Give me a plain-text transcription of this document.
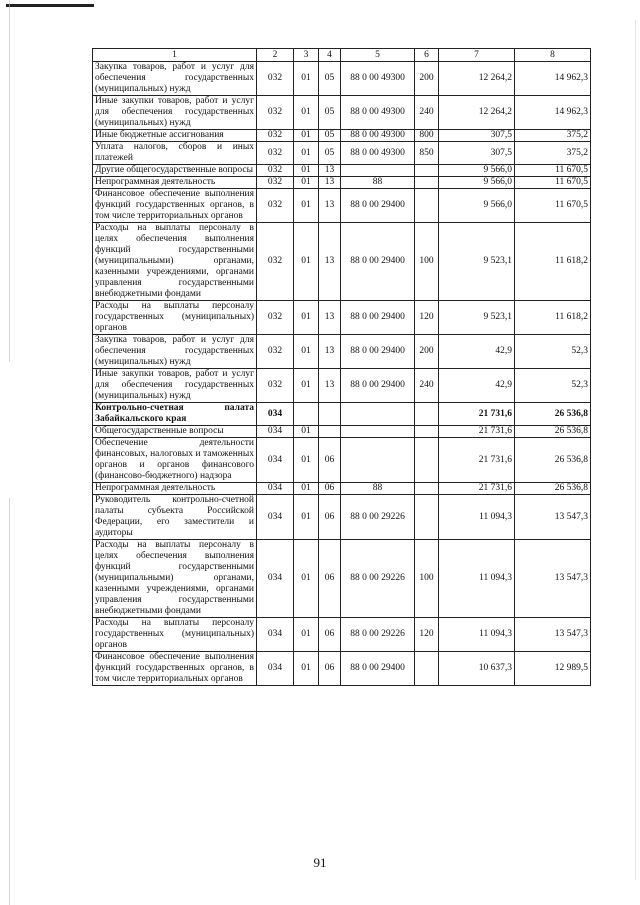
1	2	3	4	5	6	7	8
Закупка товаров, работ и услуг для обеспечения государственных (муниципальных) нужд	032	01	05	88 0 00 49300	200	12 264,2	14 962,3
Иные закупки товаров, работ и услуг для обеспечения государственных (муниципальных) нужд	032	01	05	88 0 00 49300	240	12 264,2	14 962,3
Иные бюджетные ассигнования	032	01	05	88 0 00 49300	800	307,5	375,2
Уплата налогов, сборов и иных платежей	032	01	05	88 0 00 49300	850	307,5	375,2
Другие общегосударственные вопросы	032	01	13			9 566,0	11 670,5
Непрограммная деятельность	032	01	13	88		9 566,0	11 670,5
Финансовое обеспечение выполнения функций государственных органов, в том числе территориальных органов	032	01	13	88 0 00 29400		9 566,0	11 670,5
Расходы на выплаты персоналу в целях обеспечения выполнения функций государственными (муниципальными) органами, казенными учреждениями, органами управления государственными внебюджетными фондами	032	01	13	88 0 00 29400	100	9 523,1	11 618,2
Расходы на выплаты персоналу государственных (муниципальных) органов	032	01	13	88 0 00 29400	120	9 523,1	11 618,2
Закупка товаров, работ и услуг для обеспечения государственных (муниципальных) нужд	032	01	13	88 0 00 29400	200	42,9	52,3
Иные закупки товаров, работ и услуг для обеспечения государственных (муниципальных) нужд	032	01	13	88 0 00 29400	240	42,9	52,3
Контрольно-счетная палата Забайкальского края	034					21 731,6	26 536,8
Общегосударственные вопросы	034	01				21 731,6	26 536,8
Обеспечение деятельности финансовых, налоговых и таможенных органов и органов финансового (финансово-бюджетного) надзора	034	01	06			21 731,6	26 536,8
Непрограммная деятельность	034	01	06	88		21 731,6	26 536,8
Руководитель контрольно-счетной палаты субъекта Российской Федерации, его заместители и аудиторы	034	01	06	88 0 00 29226		11 094,3	13 547,3
Расходы на выплаты персоналу в целях обеспечения выполнения функций государственными (муниципальными) органами, казенными учреждениями, органами управления государственными внебюджетными фондами	034	01	06	88 0 00 29226	100	11 094,3	13 547,3
Расходы на выплаты персоналу государственных (муниципальных) органов	034	01	06	88 0 00 29226	120	11 094,3	13 547,3
Финансовое обеспечение выполнения функций государственных органов, в том числе территориальных органов	034	01	06	88 0 00 29400		10 637,3	12 989,5
91
